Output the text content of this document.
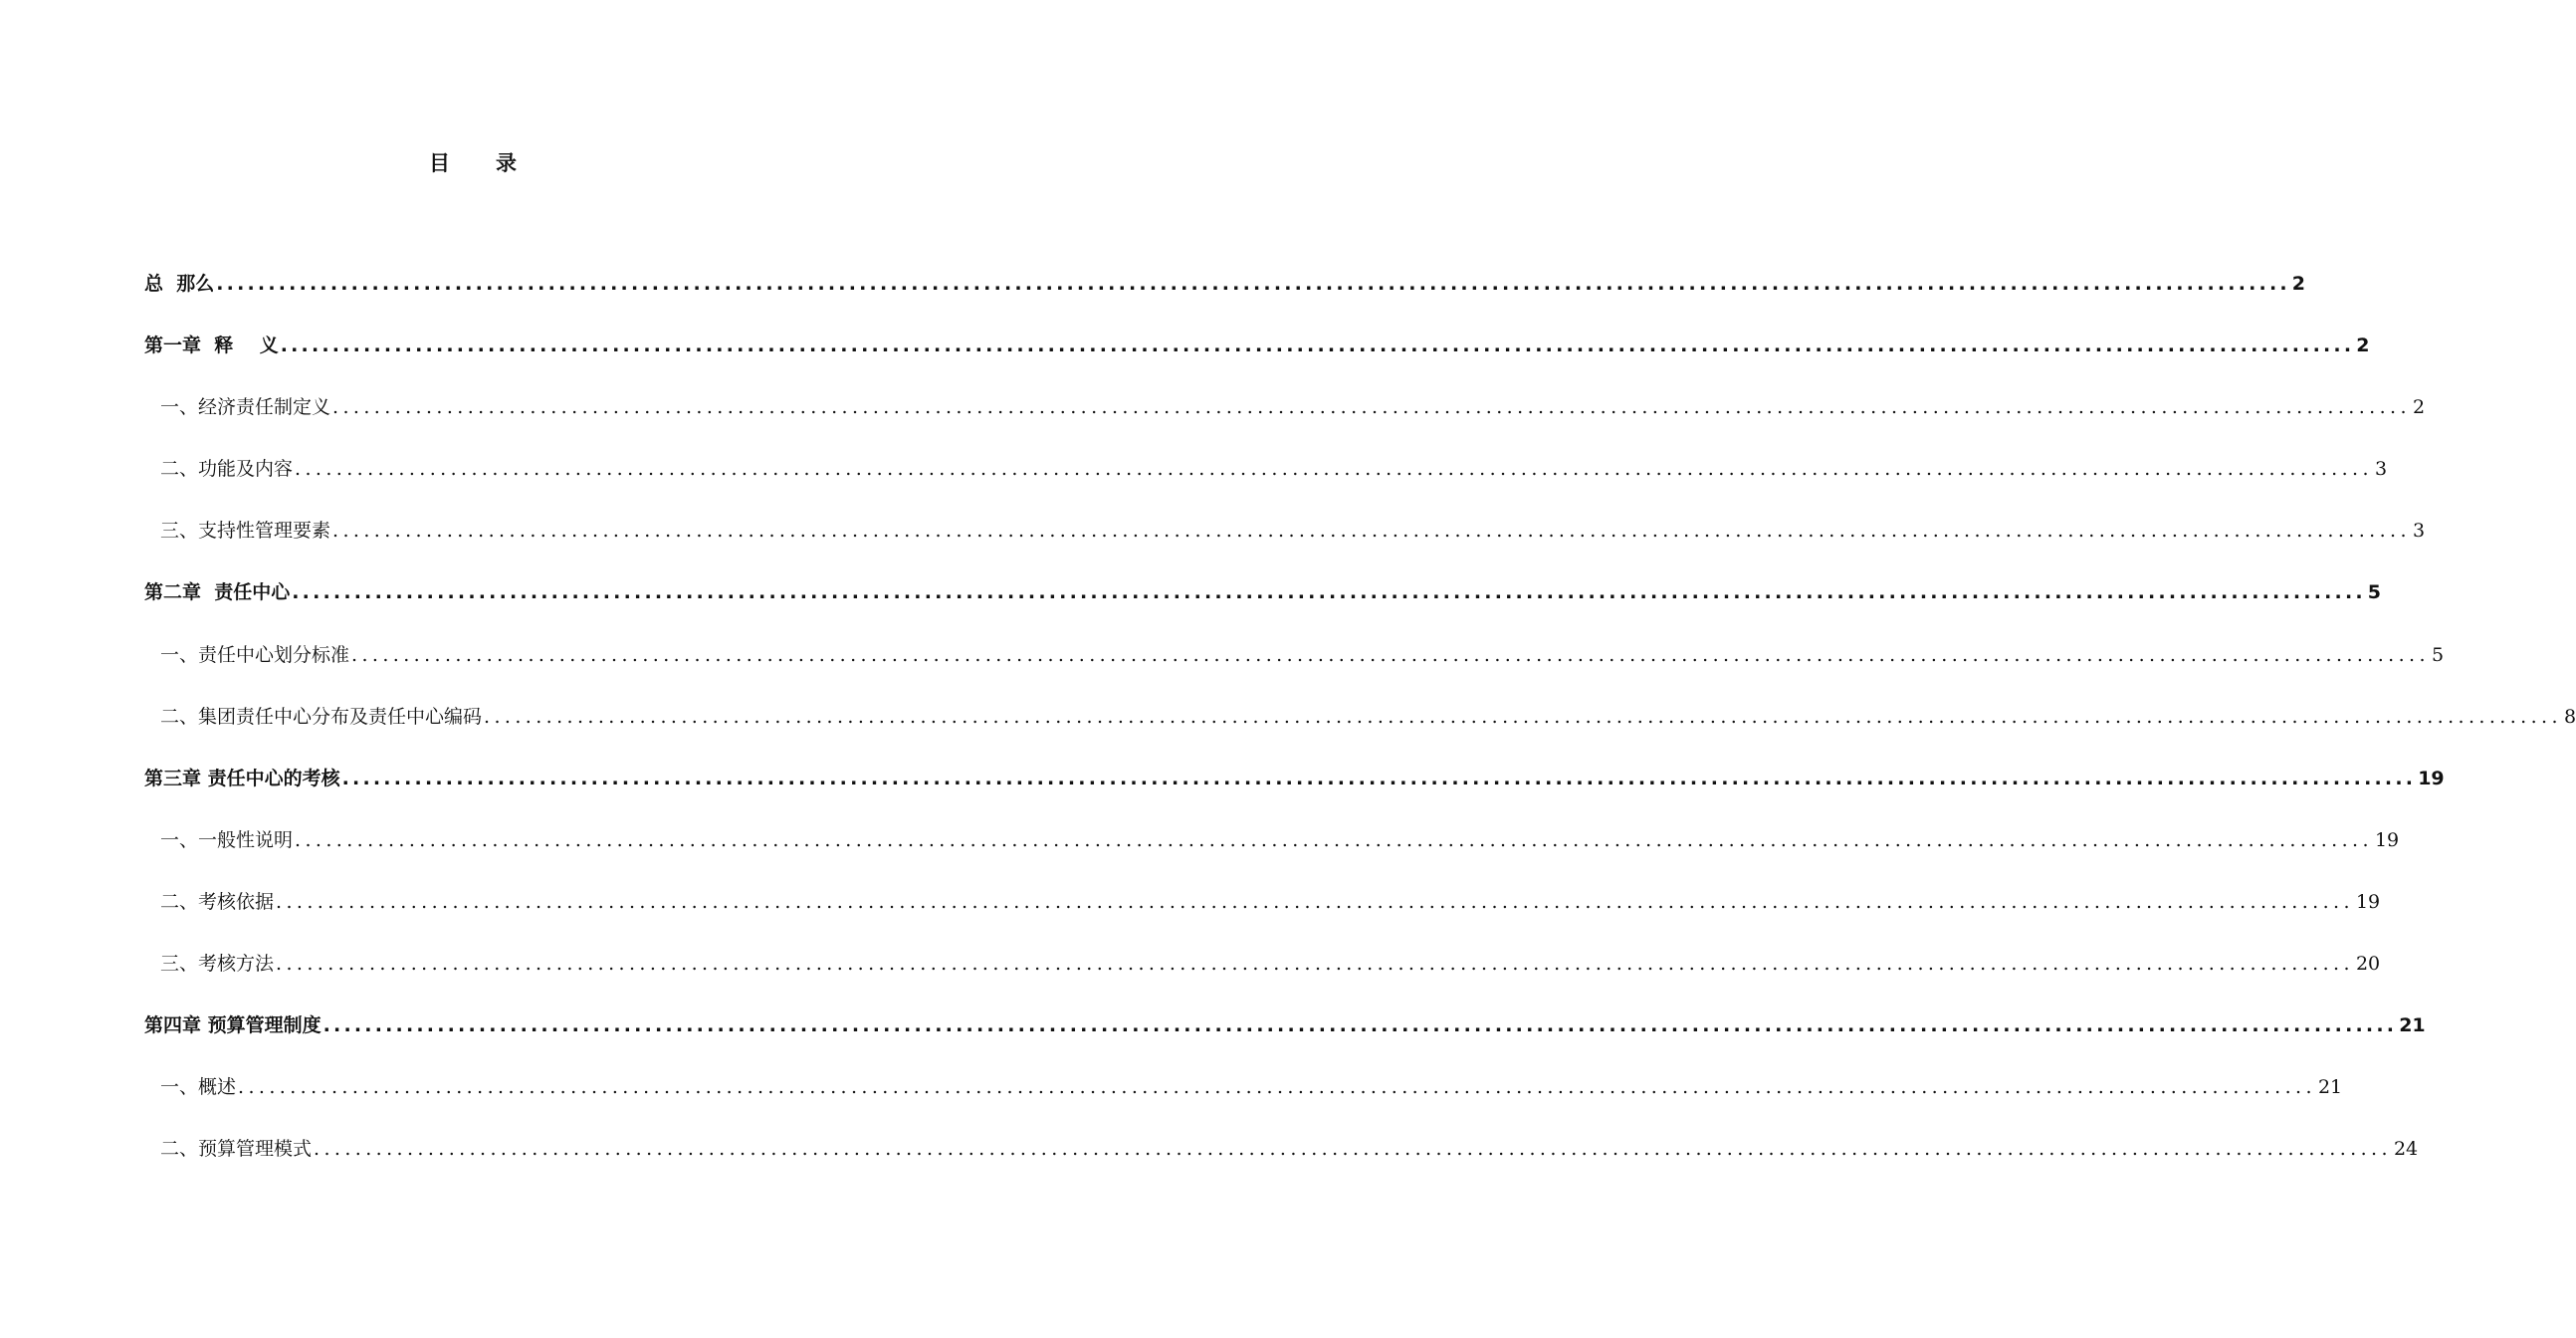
目 录
总  那么 ........................................................................................................................................................................................................ 2
第一章  释    义 ........................................................................................................................................................................................................ 2
一、经济责任制定义 ........................................................................................................................................................................................................ 2
二、功能及内容 ........................................................................................................................................................................................................ 3
三、支持性管理要素 ........................................................................................................................................................................................................ 3
第二章  责任中心 ........................................................................................................................................................................................................ 5
一、责任中心划分标准 ........................................................................................................................................................................................................ 5
二、集团责任中心分布及责任中心编码 ........................................................................................................................................................................................................ 8
第三章 责任中心的考核 ........................................................................................................................................................................................................ 19
一、一般性说明 ........................................................................................................................................................................................................ 19
二、考核依据 ........................................................................................................................................................................................................ 19
三、考核方法 ........................................................................................................................................................................................................ 20
第四章 预算管理制度 ........................................................................................................................................................................................................ 21
一、概述 ........................................................................................................................................................................................................ 21
二、预算管理模式 ........................................................................................................................................................................................................ 24
